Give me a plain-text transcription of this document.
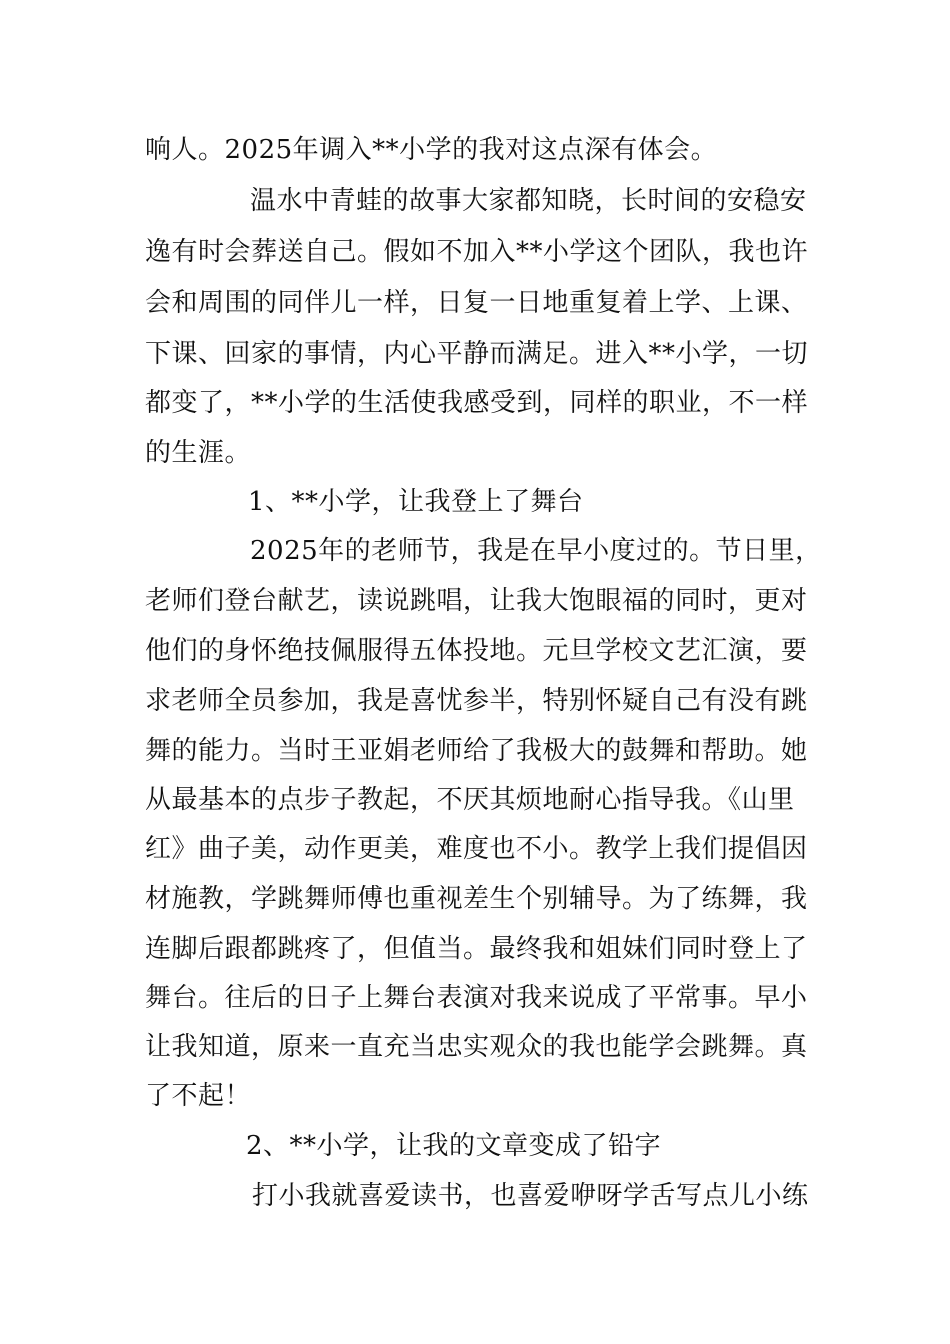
响人。2025年调入**小学的我对这点深有体会。
温水中青蛙的故事大家都知晓，长时间的安稳安
逸有时会葬送自己。假如不加入**小学这个团队，我也许
会和周围的同伴儿一样，日复一日地重复着上学、上课、
下课、回家的事情，内心平静而满足。进入**小学，一切
都变了，**小学的生活使我感受到，同样的职业，不一样
的生涯。
1、**小学，让我登上了舞台
2025年的老师节，我是在早小度过的。节日里，
老师们登台献艺，读说跳唱，让我大饱眼福的同时，更对
他们的身怀绝技佩服得五体投地。元旦学校文艺汇演，要
求老师全员参加，我是喜忧参半，特别怀疑自己有没有跳
舞的能力。当时王亚娟老师给了我极大的鼓舞和帮助。她
从最基本的点步子教起，不厌其烦地耐心指导我。《山里
红》曲子美，动作更美，难度也不小。教学上我们提倡因
材施教，学跳舞师傅也重视差生个别辅导。为了练舞，我
连脚后跟都跳疼了，但值当。最终我和姐妹们同时登上了
舞台。往后的日子上舞台表演对我来说成了平常事。早小
让我知道，原来一直充当忠实观众的我也能学会跳舞。真
了不起！
2、**小学，让我的文章变成了铅字
打小我就喜爱读书，也喜爱咿呀学舌写点儿小练
